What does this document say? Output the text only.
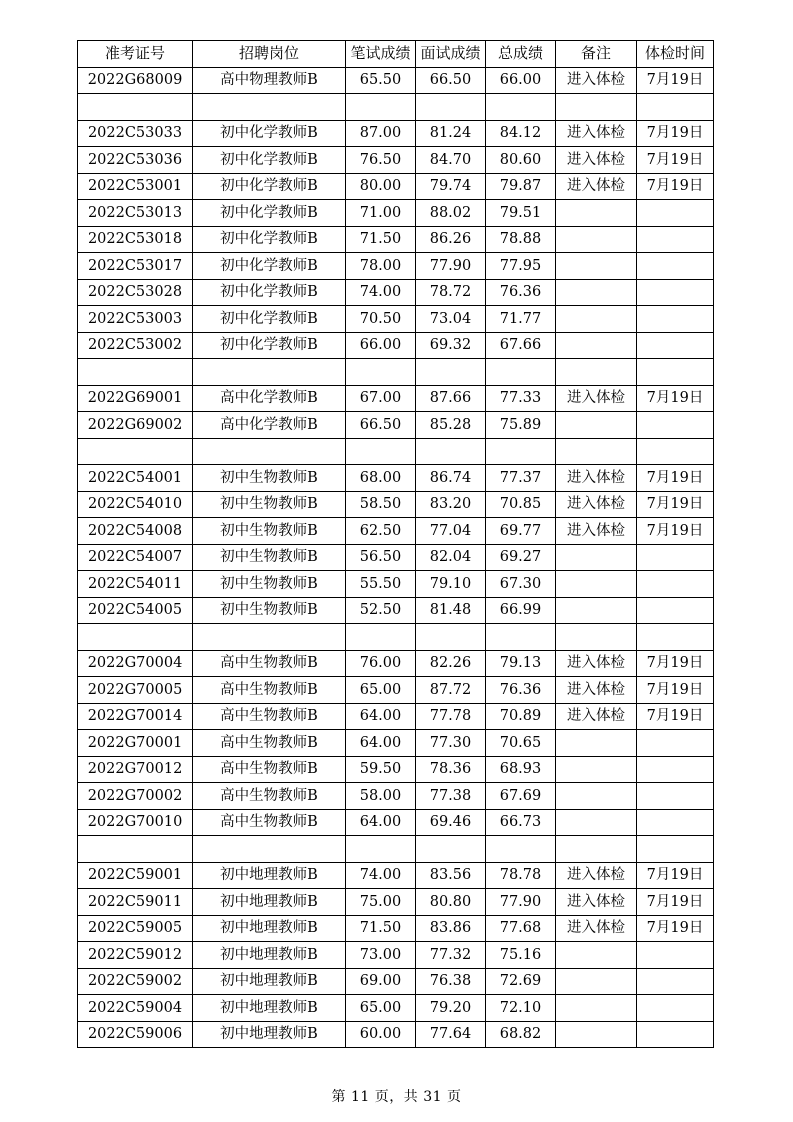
准考证号	招聘岗位	笔试成绩	面试成绩	总成绩	备注	体检时间
2022G68009	高中物理教师B	65.50	66.50	66.00	进入体检	7月19日

2022C53033	初中化学教师B	87.00	81.24	84.12	进入体检	7月19日
2022C53036	初中化学教师B	76.50	84.70	80.60	进入体检	7月19日
2022C53001	初中化学教师B	80.00	79.74	79.87	进入体检	7月19日
2022C53013	初中化学教师B	71.00	88.02	79.51		
2022C53018	初中化学教师B	71.50	86.26	78.88		
2022C53017	初中化学教师B	78.00	77.90	77.95		
2022C53028	初中化学教师B	74.00	78.72	76.36		
2022C53003	初中化学教师B	70.50	73.04	71.77		
2022C53002	初中化学教师B	66.00	69.32	67.66		

2022G69001	高中化学教师B	67.00	87.66	77.33	进入体检	7月19日
2022G69002	高中化学教师B	66.50	85.28	75.89		

2022C54001	初中生物教师B	68.00	86.74	77.37	进入体检	7月19日
2022C54010	初中生物教师B	58.50	83.20	70.85	进入体检	7月19日
2022C54008	初中生物教师B	62.50	77.04	69.77	进入体检	7月19日
2022C54007	初中生物教师B	56.50	82.04	69.27		
2022C54011	初中生物教师B	55.50	79.10	67.30		
2022C54005	初中生物教师B	52.50	81.48	66.99		

2022G70004	高中生物教师B	76.00	82.26	79.13	进入体检	7月19日
2022G70005	高中生物教师B	65.00	87.72	76.36	进入体检	7月19日
2022G70014	高中生物教师B	64.00	77.78	70.89	进入体检	7月19日
2022G70001	高中生物教师B	64.00	77.30	70.65		
2022G70012	高中生物教师B	59.50	78.36	68.93		
2022G70002	高中生物教师B	58.00	77.38	67.69		
2022G70010	高中生物教师B	64.00	69.46	66.73		

2022C59001	初中地理教师B	74.00	83.56	78.78	进入体检	7月19日
2022C59011	初中地理教师B	75.00	80.80	77.90	进入体检	7月19日
2022C59005	初中地理教师B	71.50	83.86	77.68	进入体检	7月19日
2022C59012	初中地理教师B	73.00	77.32	75.16		
2022C59002	初中地理教师B	69.00	76.38	72.69		
2022C59004	初中地理教师B	65.00	79.20	72.10		
2022C59006	初中地理教师B	60.00	77.64	68.82		
第 11 页，共 31 页
